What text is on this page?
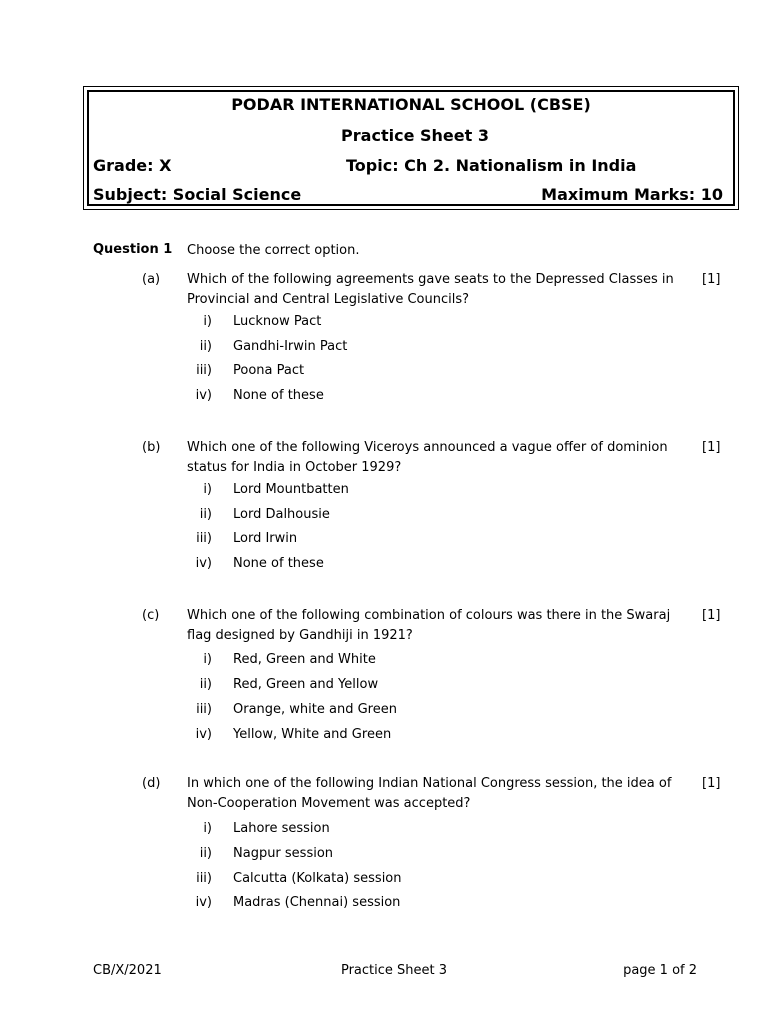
PODAR INTERNATIONAL SCHOOL (CBSE)
Practice Sheet 3
Grade: X	Topic: Ch 2. Nationalism in India
Subject: Social Science	Maximum Marks: 10
Question 1 Choose the correct option.
(a) Which of the following agreements gave seats to the Depressed Classes in Provincial and Central Legislative Councils?
[1]
i) Lucknow Pact
ii) Gandhi-Irwin Pact
iii) Poona Pact
iv) None of these
(b) Which one of the following Viceroys announced a vague offer of dominion status for India in October 1929?
[1]
i) Lord Mountbatten
ii) Lord Dalhousie
iii) Lord Irwin
iv) None of these
(c) Which one of the following combination of colours was there in the Swaraj flag designed by Gandhiji in 1921?
[1]
i) Red, Green and White
ii) Red, Green and Yellow
iii) Orange, white and Green
iv) Yellow, White and Green
(d) In which one of the following Indian National Congress session, the idea of Non-Cooperation Movement was accepted?
[1]
i) Lahore session
ii) Nagpur session
iii) Calcutta (Kolkata) session
iv) Madras (Chennai) session
CB/X/2021	Practice Sheet 3	page 1 of 2
